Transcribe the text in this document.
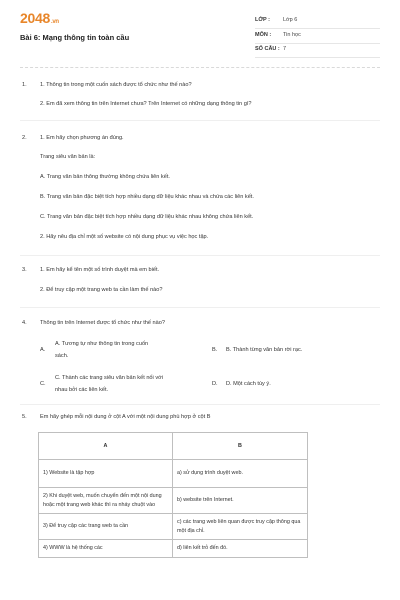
2048.vn
Bài 6: Mạng thông tin toàn cầu
LỚP : Lớp 6
MÔN : Tin học
SỐ CÂU : 7
1. 1. Thông tin trong một cuốn sách được tổ chức như thế nào?
2. Em đã xem thông tin trên Internet chưa? Trên Internet có những dạng thông tin gì?
2. 1. Em hãy chọn phương án đúng.
Trang siêu văn bản là:
A. Trang văn bản thông thường không chứa liên kết.
B. Trang văn bản đặc biệt tích hợp nhiều dạng dữ liệu khác nhau và chứa các liên kết.
C. Trang văn bản đặc biệt tích hợp nhiều dạng dữ liệu khác nhau không chứa liên kết.
2. Hãy nêu địa chỉ một số website có nội dung phục vụ việc học tập.
3. 1. Em hãy kể tên một số trình duyệt mà em biết.
2. Để truy cập một trang web ta cần làm thế nào?
4. Thông tin trên Internet được tổ chức như thế nào?
A.
A. Tương tự như thông tin trong cuốn
sách.
B. B. Thành từng văn bản rời rạc.
C.
C. Thành các trang siêu văn bản kết nối với
nhau bởi các liên kết.
D. D. Một cách tùy ý.
5. Em hãy ghép mỗi nội dung ở cột A với một nội dung phù hợp ở cột B
A	B
1) Website là tập hợp	a) sử dụng trình duyệt web.
2) Khi duyệt web, muốn chuyển đến một nội dung hoặc một trang web khác thì ra nháy chuột vào	b) website trên Internet.
3) Để truy cập các trang web ta cần	c) các trang web liên quan được truy cập thông qua một địa chỉ.
4) WWW là hệ thống các	d) liên kết trỏ đến đó.
